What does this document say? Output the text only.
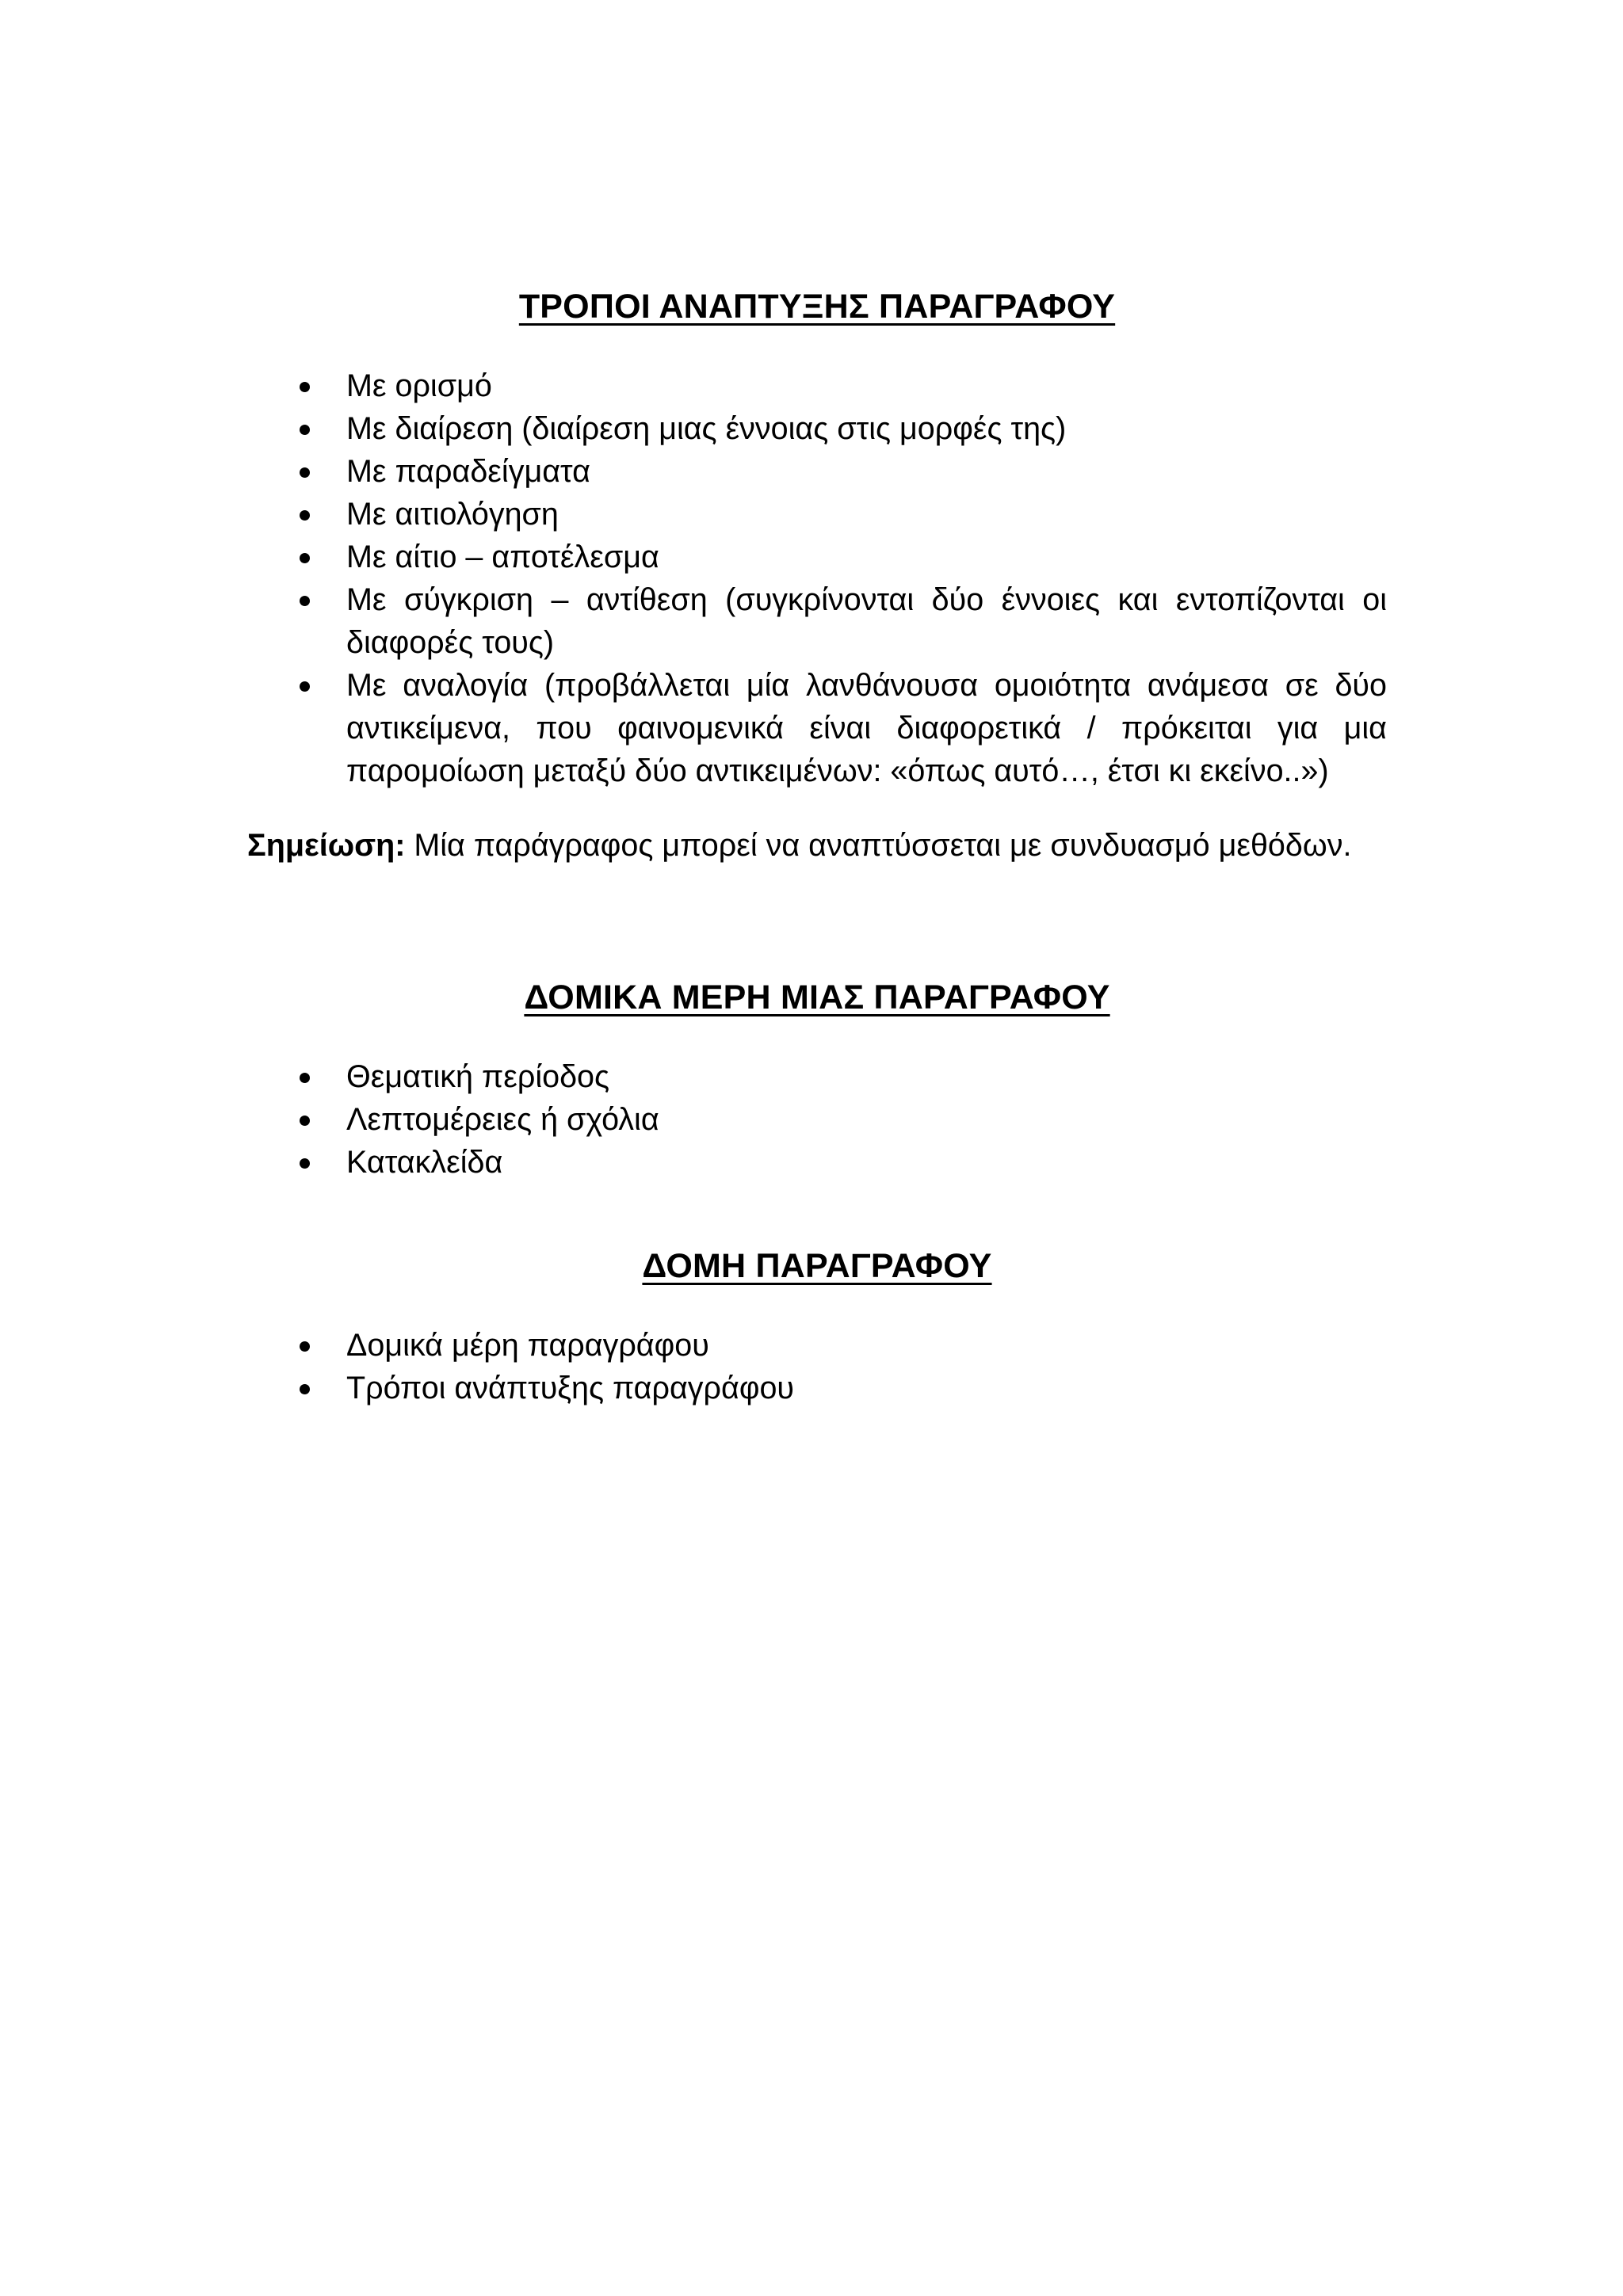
ΤΡΟΠΟΙ ΑΝΑΠΤΥΞΗΣ ΠΑΡΑΓΡΑΦΟΥ
Με ορισμό
Με διαίρεση (διαίρεση μιας έννοιας στις μορφές της)
Με παραδείγματα
Με αιτιολόγηση
Με αίτιο – αποτέλεσμα
Με σύγκριση – αντίθεση (συγκρίνονται δύο έννοιες και εντοπίζονται οι διαφορές τους)
Με αναλογία (προβάλλεται μία λανθάνουσα ομοιότητα ανάμεσα σε δύο αντικείμενα, που φαινομενικά είναι διαφορετικά / πρόκειται για μια παρομοίωση μεταξύ δύο αντικειμένων: «όπως αυτό…, έτσι κι εκείνο..»)

Σημείωση: Μία παράγραφος μπορεί να αναπτύσσεται με συνδυασμό μεθόδων.

ΔΟΜΙΚΑ ΜΕΡΗ ΜΙΑΣ ΠΑΡΑΓΡΑΦΟΥ
Θεματική περίοδος
Λεπτομέρειες ή σχόλια
Κατακλείδα
ΔΟΜΗ ΠΑΡΑΓΡΑΦΟΥ
Δομικά μέρη παραγράφου
Τρόποι ανάπτυξης παραγράφου
